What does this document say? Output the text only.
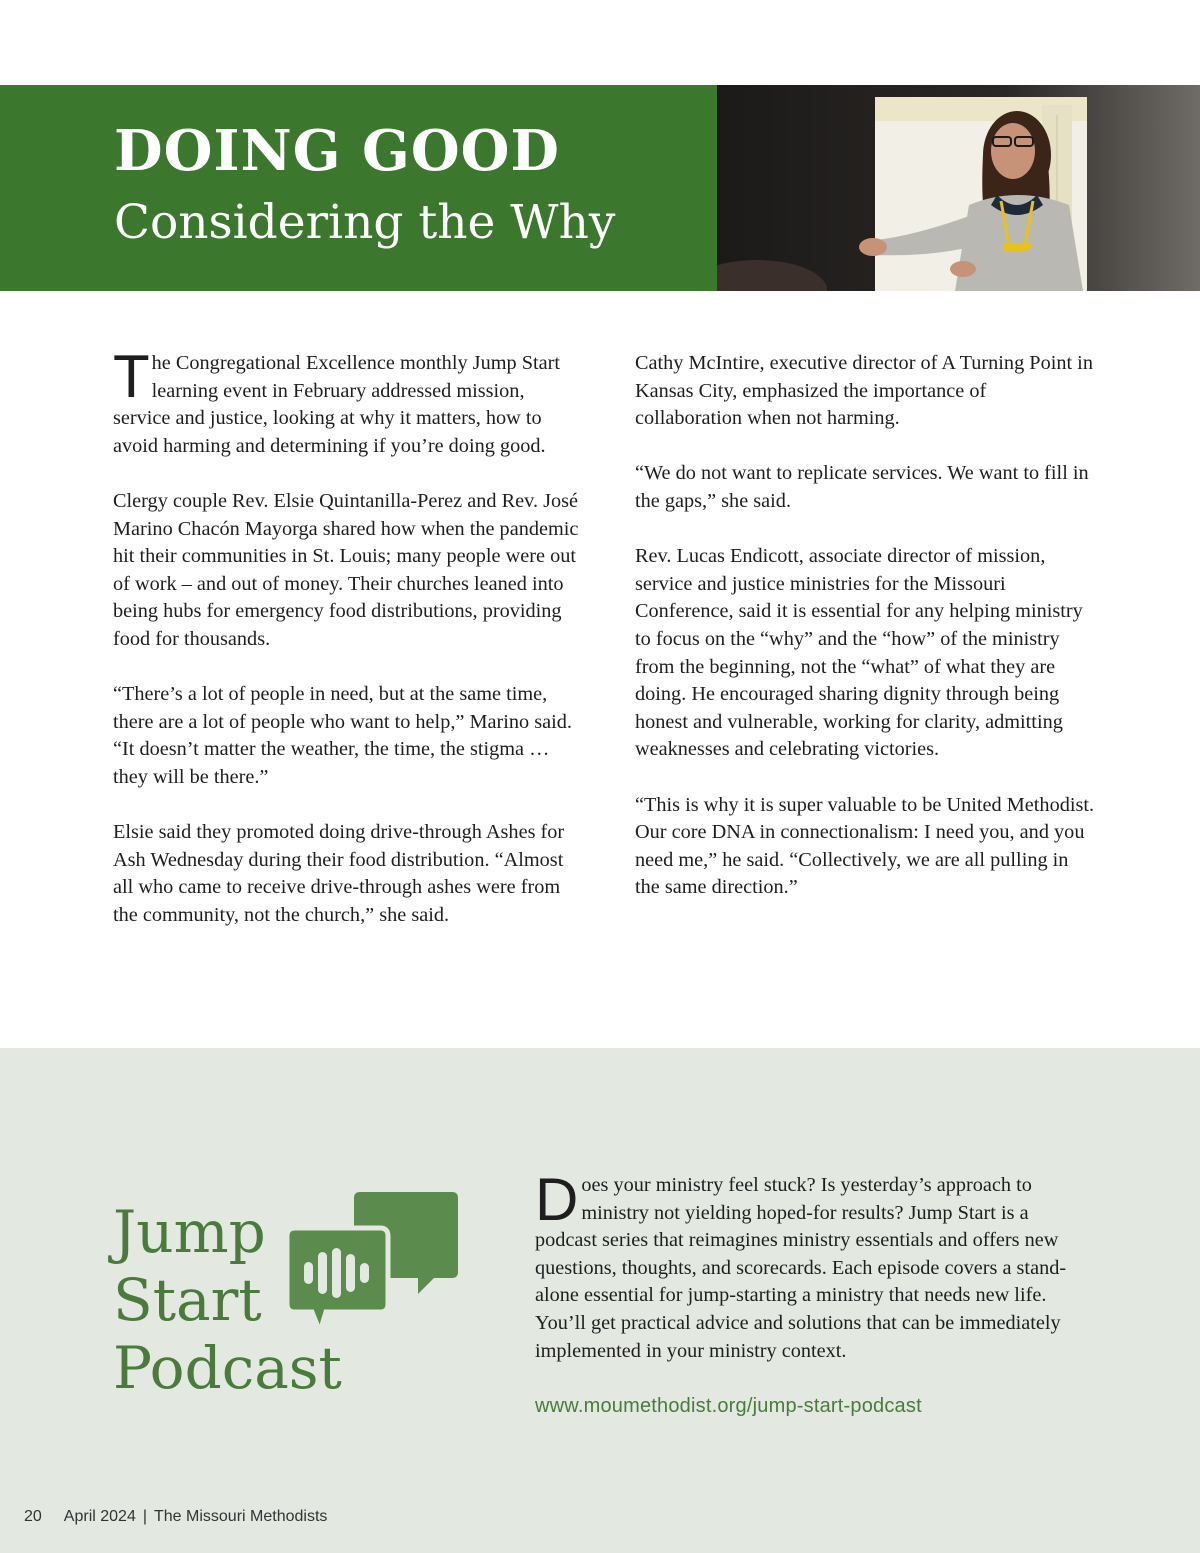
DOING GOOD
Considering the Why

The Congregational Excellence monthly Jump Start learning event in February addressed mission, service and justice, looking at why it matters, how to avoid harming and determining if you’re doing good.

Clergy couple Rev. Elsie Quintanilla-Perez and Rev. José Marino Chacón Mayorga shared how when the pandemic hit their communities in St. Louis; many people were out of work – and out of money. Their churches leaned into being hubs for emergency food distributions, providing food for thousands.

“There’s a lot of people in need, but at the same time, there are a lot of people who want to help,” Marino said. “It doesn’t matter the weather, the time, the stigma … they will be there.”

Elsie said they promoted doing drive-through Ashes for Ash Wednesday during their food distribution. “Almost all who came to receive drive-through ashes were from the community, not the church,” she said.

Cathy McIntire, executive director of A Turning Point in Kansas City, emphasized the importance of collaboration when not harming.

“We do not want to replicate services. We want to fill in the gaps,” she said.

Rev. Lucas Endicott, associate director of mission, service and justice ministries for the Missouri Conference, said it is essential for any helping ministry to focus on the “why” and the “how” of the ministry from the beginning, not the “what” of what they are doing. He encouraged sharing dignity through being honest and vulnerable, working for clarity, admitting weaknesses and celebrating victories.

“This is why it is super valuable to be United Methodist. Our core DNA in connectionalism: I need you, and you need me,” he said. “Collectively, we are all pulling in the same direction.”

Jump
Start
Podcast
Does your ministry feel stuck? Is yesterday’s approach to ministry not yielding hoped-for results? Jump Start is a podcast series that reimagines ministry essentials and offers new questions, thoughts, and scorecards. Each episode covers a stand-alone essential for jump-starting a ministry that needs new life. You’ll get practical advice and solutions that can be immediately implemented in your ministry context.
www.moumethodist.org/jump-start-podcast
20 April 2024 | The Missouri Methodists
